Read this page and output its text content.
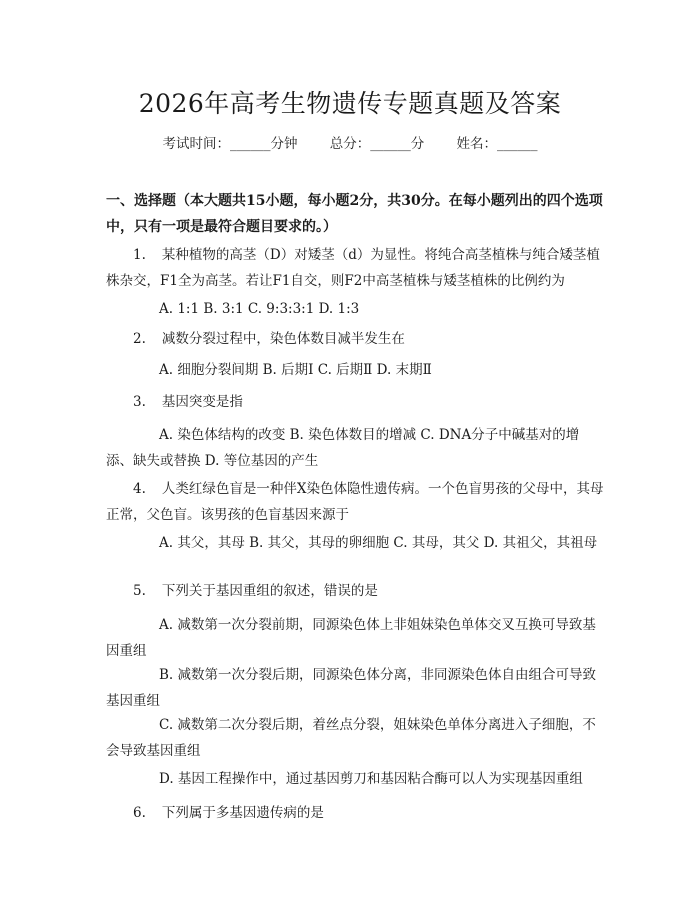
2026年高考生物遗传专题真题及答案
考试时间：______分钟 总分：______分 姓名：______
一、选择题（本大题共15小题，每小题2分，共30分。在每小题列出的四个选项中，只有一项是最符合题目要求的。）
1. 某种植物的高茎（D）对矮茎（d）为显性。将纯合高茎植株与纯合矮茎植株杂交，F1全为高茎。若让F1自交，则F2中高茎植株与矮茎植株的比例约为
A. 1:1 B. 3:1 C. 9:3:3:1 D. 1:3
2. 减数分裂过程中，染色体数目减半发生在
A. 细胞分裂间期 B. 后期Ⅰ C. 后期Ⅱ D. 末期Ⅱ
3. 基因突变是指
A. 染色体结构的改变 B. 染色体数目的增减 C. DNA分子中碱基对的增添、缺失或替换 D. 等位基因的产生
4. 人类红绿色盲是一种伴X染色体隐性遗传病。一个色盲男孩的父母中，其母正常，父色盲。该男孩的色盲基因来源于
A. 其父，其母 B. 其父，其母的卵细胞 C. 其母，其父 D. 其祖父，其祖母
5. 下列关于基因重组的叙述，错误的是
A. 减数第一次分裂前期，同源染色体上非姐妹染色单体交叉互换可导致基因重组
B. 减数第一次分裂后期，同源染色体分离，非同源染色体自由组合可导致基因重组
C. 减数第二次分裂后期，着丝点分裂，姐妹染色单体分离进入子细胞，不会导致基因重组
D. 基因工程操作中，通过基因剪刀和基因粘合酶可以人为实现基因重组
6. 下列属于多基因遗传病的是
